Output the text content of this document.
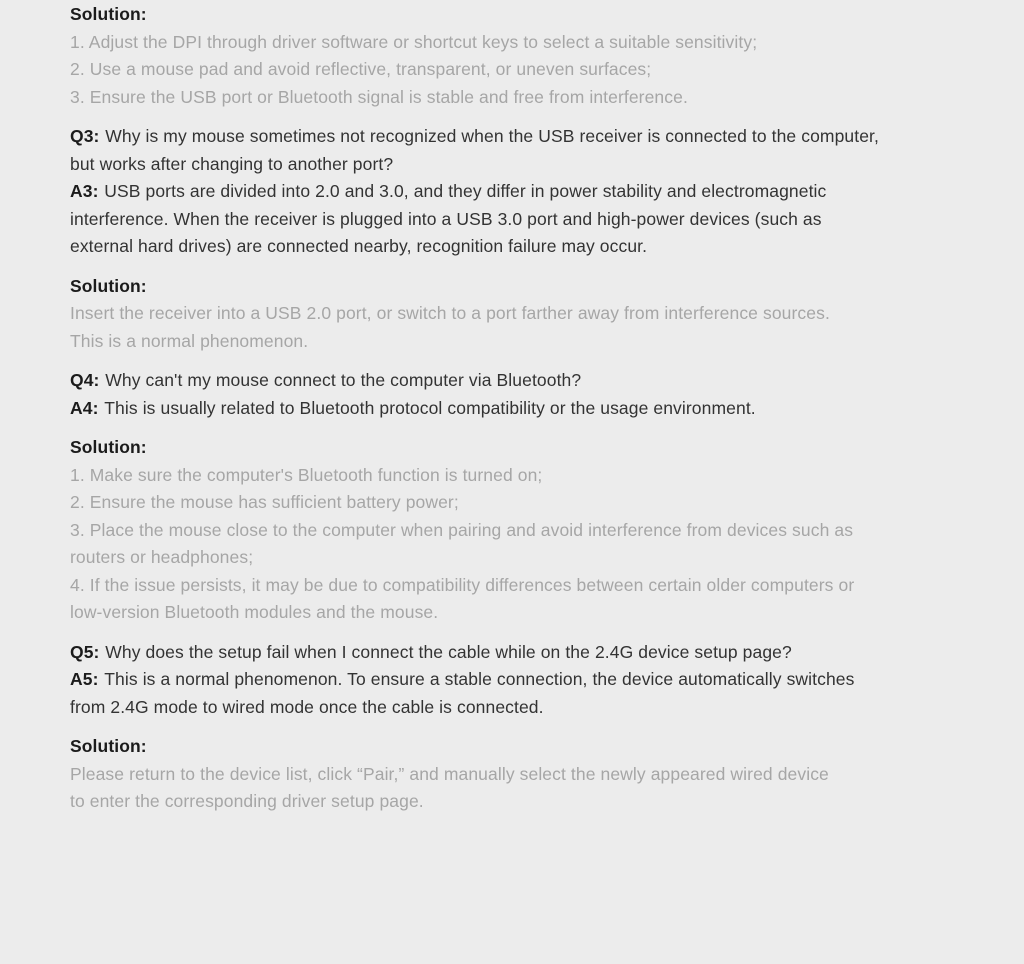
Solution:
1. Adjust the DPI through driver software or shortcut keys to select a suitable sensitivity;
2. Use a mouse pad and avoid reflective, transparent, or uneven surfaces;
3. Ensure the USB port or Bluetooth signal is stable and free from interference.
Q3: Why is my mouse sometimes not recognized when the USB receiver is connected to the computer,
but works after changing to another port?
A3: USB ports are divided into 2.0 and 3.0, and they differ in power stability and electromagnetic
interference. When the receiver is plugged into a USB 3.0 port and high-power devices (such as
external hard drives) are connected nearby, recognition failure may occur.
Solution:
Insert the receiver into a USB 2.0 port, or switch to a port farther away from interference sources.
This is a normal phenomenon.
Q4: Why can't my mouse connect to the computer via Bluetooth?
A4: This is usually related to Bluetooth protocol compatibility or the usage environment.
Solution:
1. Make sure the computer's Bluetooth function is turned on;
2. Ensure the mouse has sufficient battery power;
3. Place the mouse close to the computer when pairing and avoid interference from devices such as
routers or headphones;
4. If the issue persists, it may be due to compatibility differences between certain older computers or
low-version Bluetooth modules and the mouse.
Q5: Why does the setup fail when I connect the cable while on the 2.4G device setup page?
A5: This is a normal phenomenon. To ensure a stable connection, the device automatically switches
from 2.4G mode to wired mode once the cable is connected.
Solution:
Please return to the device list, click “Pair,” and manually select the newly appeared wired device
to enter the corresponding driver setup page.
